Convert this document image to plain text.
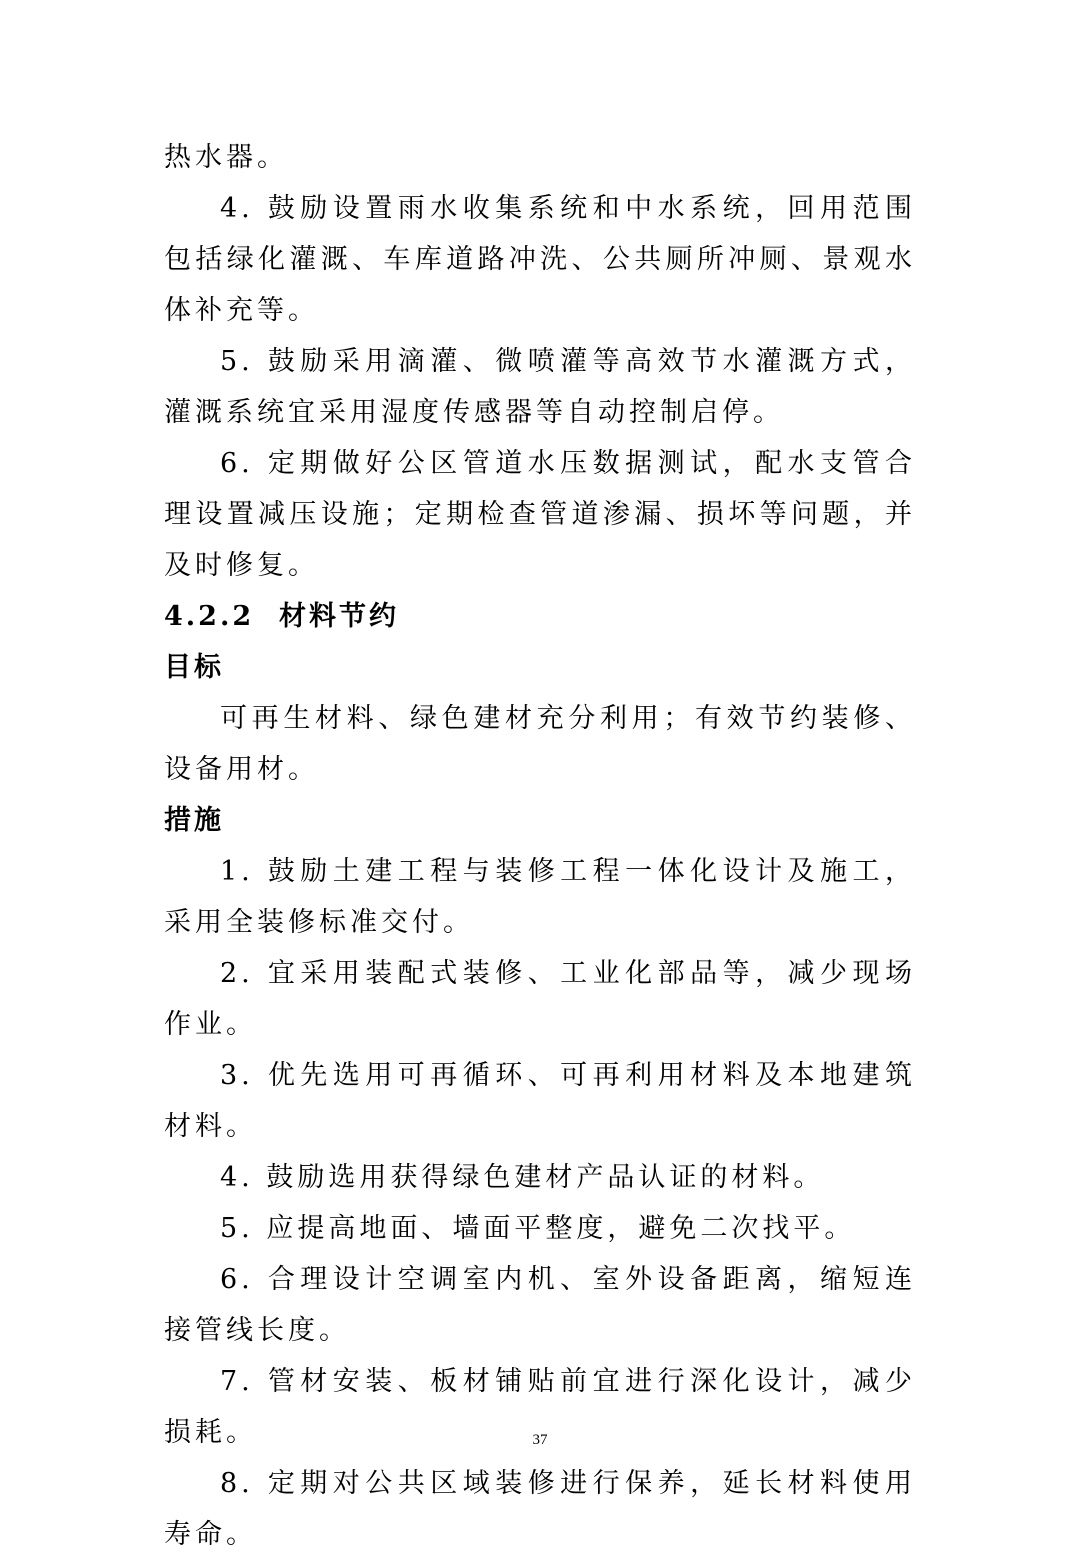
热水器。

4. 鼓励设置雨水收集系统和中水系统，回用范围包括绿化灌溉、车库道路冲洗、公共厕所冲厕、景观水体补充等。

5. 鼓励采用滴灌、微喷灌等高效节水灌溉方式，灌溉系统宜采用湿度传感器等自动控制启停。

6. 定期做好公区管道水压数据测试，配水支管合理设置减压设施；定期检查管道渗漏、损坏等问题，并及时修复。

4.2.2 材料节约

目标

可再生材料、绿色建材充分利用；有效节约装修、设备用材。

措施

1. 鼓励土建工程与装修工程一体化设计及施工，采用全装修标准交付。

2. 宜采用装配式装修、工业化部品等，减少现场作业。

3. 优先选用可再循环、可再利用材料及本地建筑材料。

4. 鼓励选用获得绿色建材产品认证的材料。

5. 应提高地面、墙面平整度，避免二次找平。

6. 合理设计空调室内机、室外设备距离，缩短连接管线长度。

7. 管材安装、板材铺贴前宜进行深化设计，减少损耗。

8. 定期对公共区域装修进行保养，延长材料使用寿命。

37
